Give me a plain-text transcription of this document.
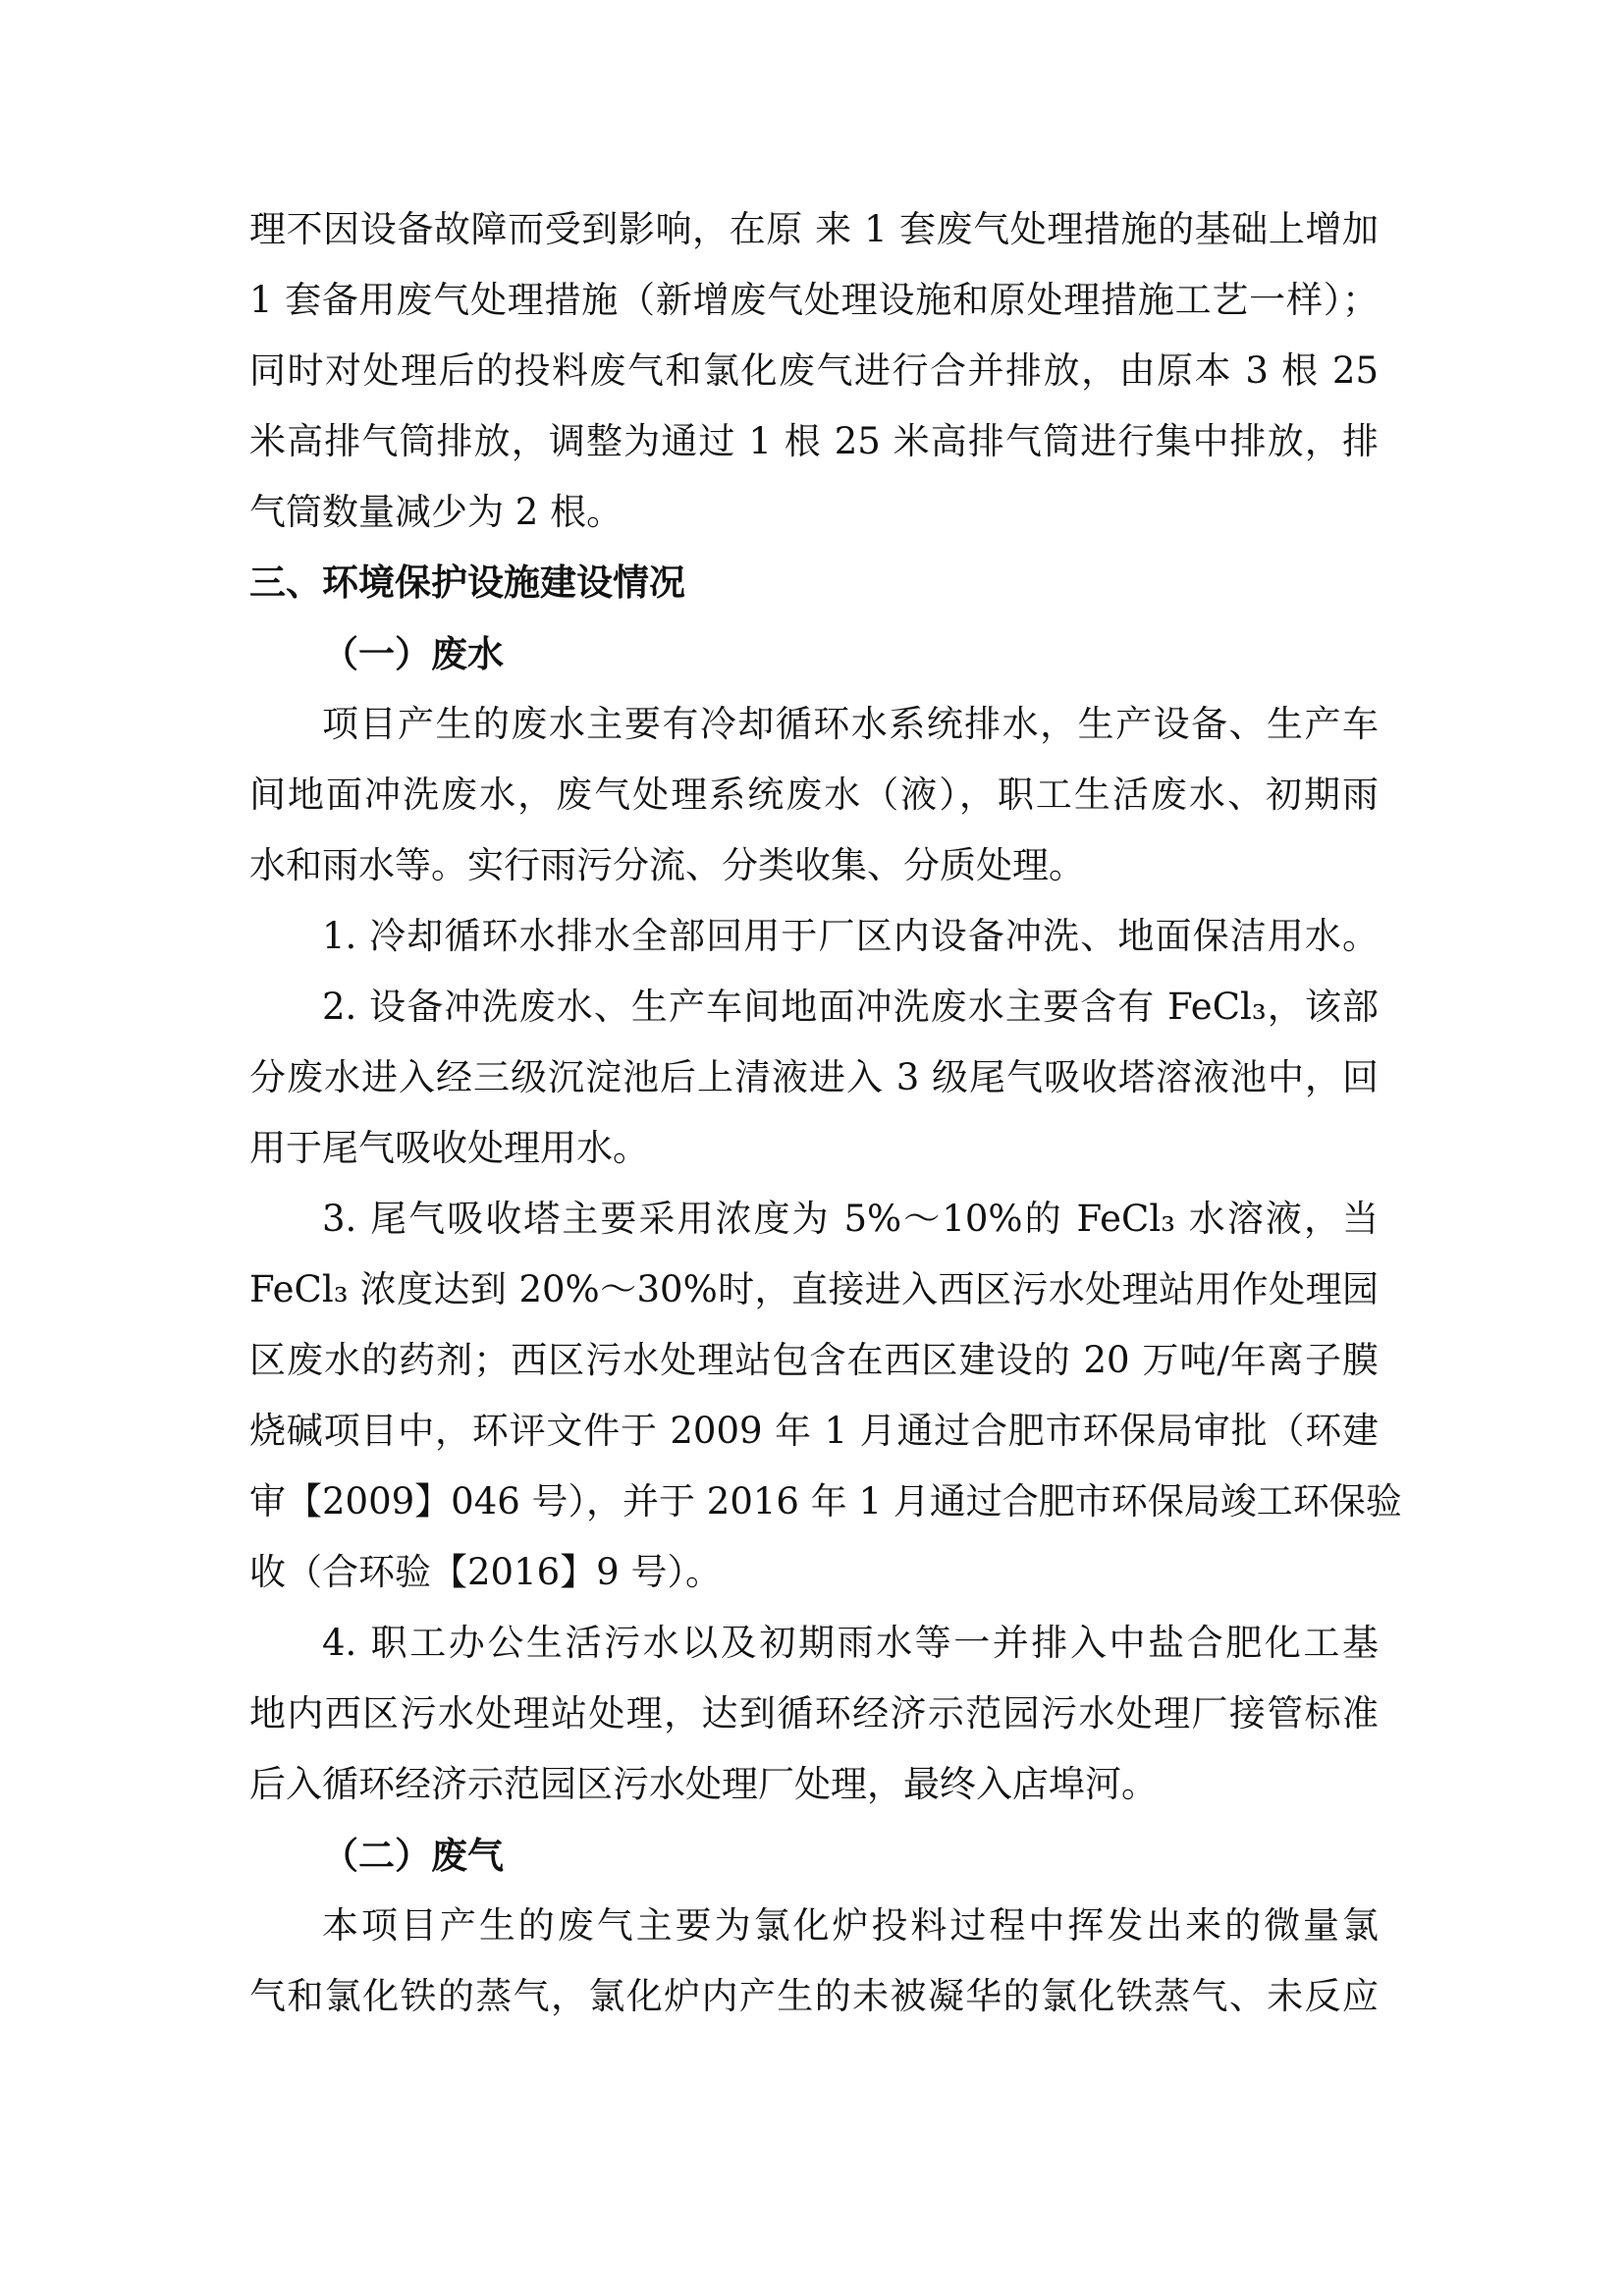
理不因设备故障而受到影响，在原 来 1 套废气处理措施的基础上增加

1 套备用废气处理措施（新增废气处理设施和原处理措施工艺一样）；

同时对处理后的投料废气和氯化废气进行合并排放，由原本 3 根 25

米高排气筒排放，调整为通过 1 根 25 米高排气筒进行集中排放，排

气筒数量减少为 2 根。

三、环境保护设施建设情况
（一）废水

项目产生的废水主要有冷却循环水系统排水，生产设备、生产车

间地面冲洗废水，废气处理系统废水（液），职工生活废水、初期雨

水和雨水等。实行雨污分流、分类收集、分质处理。

1. 冷却循环水排水全部回用于厂区内设备冲洗、地面保洁用水。

2. 设备冲洗废水、生产车间地面冲洗废水主要含有 FeCl₃，该部

分废水进入经三级沉淀池后上清液进入 3 级尾气吸收塔溶液池中，回

用于尾气吸收处理用水。

3. 尾气吸收塔主要采用浓度为 5%～10%的 FeCl₃ 水溶液，当

FeCl₃ 浓度达到 20%～30%时，直接进入西区污水处理站用作处理园

区废水的药剂；西区污水处理站包含在西区建设的 20 万吨/年离子膜

烧碱项目中，环评文件于 2009 年 1 月通过合肥市环保局审批（环建

审【2009】046 号），并于 2016 年 1 月通过合肥市环保局竣工环保验

收（合环验【2016】9 号）。

4. 职工办公生活污水以及初期雨水等一并排入中盐合肥化工基

地内西区污水处理站处理，达到循环经济示范园污水处理厂接管标准

后入循环经济示范园区污水处理厂处理，最终入店埠河。

（二）废气

本项目产生的废气主要为氯化炉投料过程中挥发出来的微量氯

气和氯化铁的蒸气，氯化炉内产生的未被凝华的氯化铁蒸气、未反应
